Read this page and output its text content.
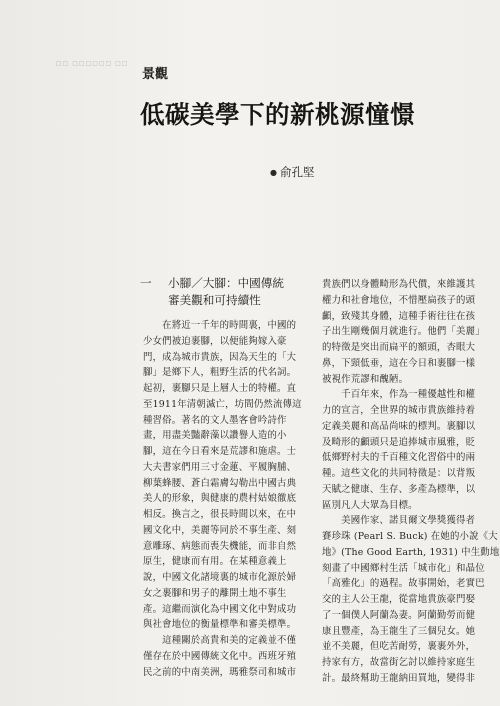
□□ □□□□□□ □□
景觀
低碳美學下的新桃源憧憬
● 俞孔堅
一	小腳／大腳：中國傳統
審美觀和可持續性
　　在將近一千年的時間裏，中國的
少女們被迫裹腳，以便能夠嫁入豪
門，成為城市貴族，因為天生的「大
腳」是鄉下人，粗野生活的代名詞。
起初，裹腳只是上層人士的特權。直
至1911年清朝滅亡，坊間仍然流傳這
種習俗。著名的文人墨客會吟詩作
畫，用盡美豔辭藻以讚譽人造的小
腳，這在今日看來是荒謬和施虐。士
大夫書家們用三寸金蓮、平履胸脯、
柳葉蜂腰、蒼白霜膚勾勒出中國古典
美人的形象，與健康的農村姑娘徹底
相反。換言之，很長時間以來，在中
國文化中，美麗等同於不事生產、刻
意雕琢、病態而喪失機能，而非自然
原生，健康而有用。在某種意義上
說，中國文化諸境裏的城市化源於婦
女之裹腳和男子的離開土地不事生
產。這繼而演化為中國文化中對成功
與社會地位的衡量標準和審美標準。
　　這種關於高貴和美的定義並不僅
僅存在於中國傳統文化中。西班牙殖
民之前的中南美洲，瑪雅祭司和城市
貴族們以身體畸形為代價，來維護其
權力和社會地位，不惜壓扁孩子的頭
顱，致殘其身體，這種手術往往在孩
子出生剛幾個月就進行。他們「美麗」
的特徵是突出而扁平的額頭，杏眼大
鼻，下頸低垂，這在今日和裹腳一樣
被視作荒謬和醜陋。
　　千百年來，作為一種優越性和權
力的宣言，全世界的城市貴族維持着
定義美麗和高品尚味的標判。裹腳以
及畸形的顱頭只是追捧城市風雅，貶
低鄉野村夫的千百種文化習俗中的兩
種。這些文化的共同特徵是：以背叛
天賦之健康、生存、多產為標準，以
區別凡人大眾為目標。
　　美國作家、諾貝爾文學獎獲得者
賽珍珠 (Pearl S. Buck) 在她的小說《大
地》(The Good Earth, 1931) 中生動地
刻畫了中國鄉村生活「城市化」和晶位
「高雅化」的過程。故事開始，老實巴
交的主人公王龍，從當地貴族豪門娶
了一個僕人阿蘭為妻。阿蘭勤勞而健
康且豐產，為王龍生了三個兒女。她
並不美麗，但吃苦耐勞，裹裹外外，
持家有方，故當街乞討以維持家庭生
計。最終幫助王龍納田買地，變得非
